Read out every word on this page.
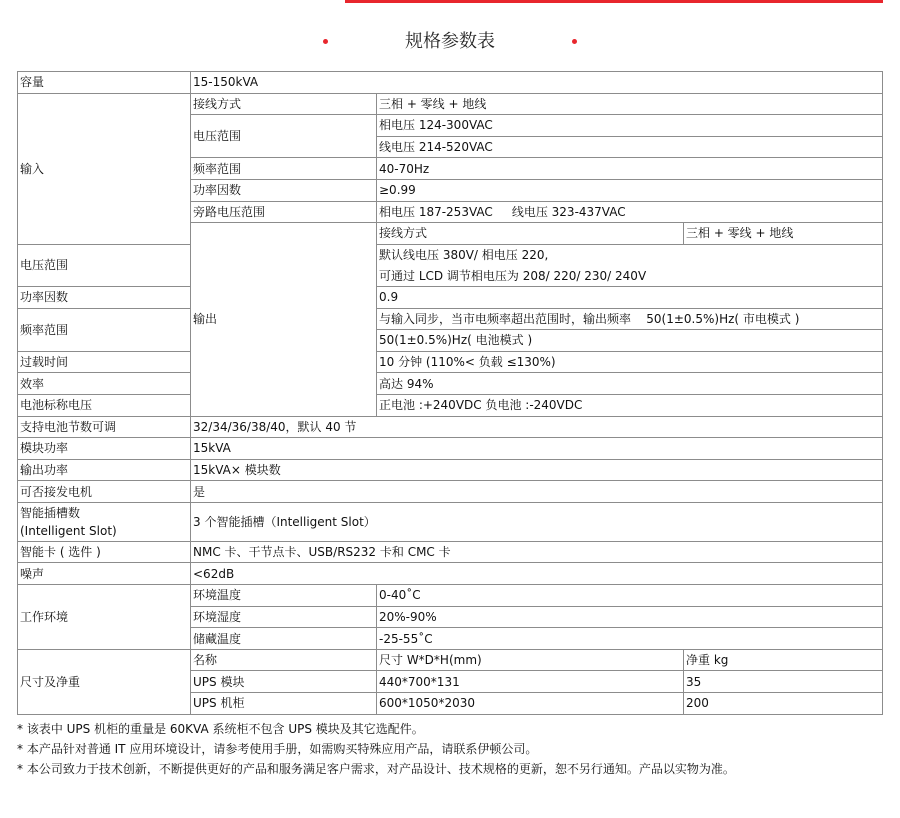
规格参数表
容量	15-150kVA		
输入	接线方式	三相 + 零线 + 地线	
	电压范围	相电压 124-300VAC	
		线电压 214-520VAC	
	频率范围	40-70Hz	
	功率因数	≥0.99	
	旁路电压范围	相电压 187-253VAC     线电压 323-437VAC	
	输出	接线方式	三相 + 零线 + 地线
电压范围		默认线电压 380V/ 相电压 220,	
		可通过 LCD 调节相电压为 208/ 220/ 230/ 240V	
功率因数		0.9	
频率范围		与输入同步，当市电频率超出范围时，输出频率    50(1±0.5%)Hz( 市电模式 )	
		50(1±0.5%)Hz( 电池模式 )	
过载时间		10 分钟 (110%< 负载 ≤130%)	
效率		高达 94%	
电池标称电压		正电池 :+240VDC 负电池 :-240VDC	
支持电池节数可调	32/34/36/38/40，默认 40 节		
模块功率	15kVA		
输出功率	15kVA× 模块数		
可否接发电机	是		

智能插槽数
(Intelligent Slot)	3 个智能插槽（Intelligent Slot）		
智能卡 ( 选件 )	NMC 卡、干节点卡、USB/RS232 卡和 CMC 卡		
噪声	<62dB		
工作环境	环境温度	0-40˚C	
	环境湿度	20%-90%	
	储藏温度	-25-55˚C	
尺寸及净重	名称	尺寸 W*D*H(mm)	净重 kg
	UPS 模块	440*700*131	35
	UPS 机柜	600*1050*2030	200
* 该表中 UPS 机柜的重量是 60KVA 系统柜不包含 UPS 模块及其它选配件。
* 本产品针对普通 IT 应用环境设计，请参考使用手册，如需购买特殊应用产品，请联系伊顿公司。
* 本公司致力于技术创新，不断提供更好的产品和服务满足客户需求，对产品设计、技术规格的更新，恕不另行通知。产品以实物为准。
